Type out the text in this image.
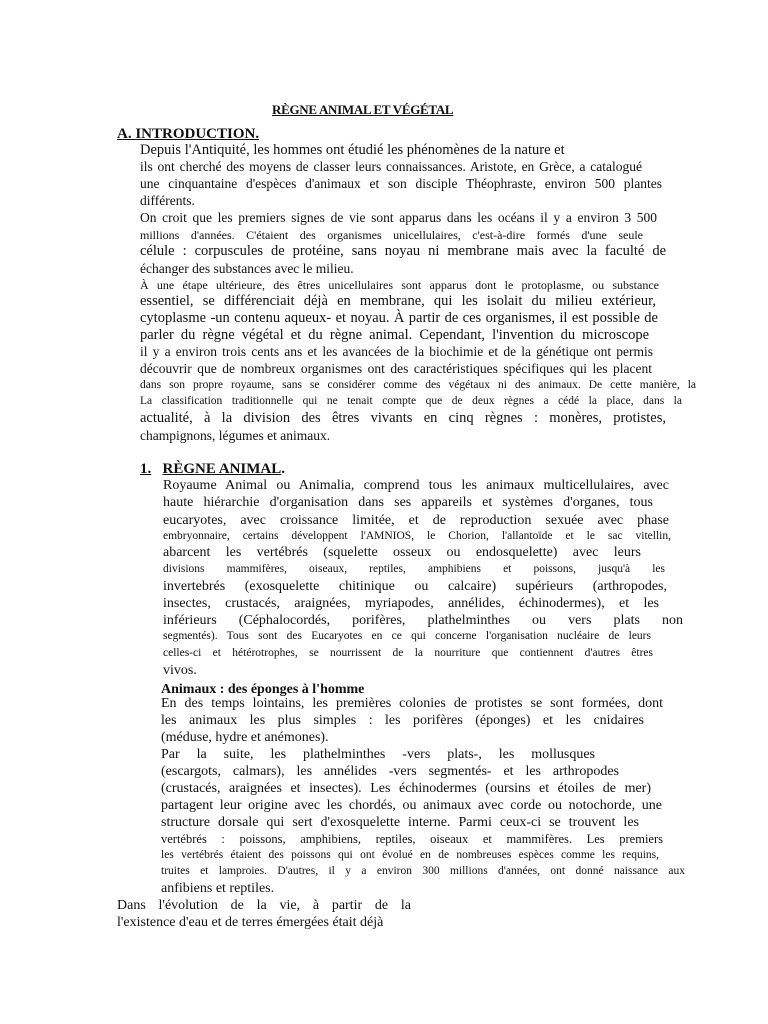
RÈGNE ANIMAL ET VÉGÉTAL
A. INTRODUCTION.
Depuis l'Antiquité, les hommes ont étudié les phénomènes de la nature et
ils ont cherché des moyens de classer leurs connaissances. Aristote, en Grèce, a catalogué
une cinquantaine d'espèces d'animaux et son disciple Théophraste, environ 500 plantes
différents.
On croit que les premiers signes de vie sont apparus dans les océans il y a environ 3 500
millions d'années. C'étaient des organismes unicellulaires, c'est-à-dire formés d'une seule
célule : corpuscules de protéine, sans noyau ni membrane mais avec la faculté de
échanger des substances avec le milieu.
À une étape ultérieure, des êtres unicellulaires sont apparus dont le protoplasme, ou substance
essentiel, se différenciait déjà en membrane, qui les isolait du milieu extérieur,
cytoplasme -un contenu aqueux- et noyau. À partir de ces organismes, il est possible de
parler du règne végétal et du règne animal. Cependant, l'invention du microscope
il y a environ trois cents ans et les avancées de la biochimie et de la génétique ont permis
découvrir que de nombreux organismes ont des caractéristiques spécifiques qui les placent
dans son propre royaume, sans se considérer comme des végétaux ni des animaux. De cette manière, la
La classification traditionnelle qui ne tenait compte que de deux règnes a cédé la place, dans la
actualité, à la division des êtres vivants en cinq règnes : monères, protistes,
champignons, légumes et animaux.
1. RÈGNE ANIMAL.
Royaume Animal ou Animalia, comprend tous les animaux multicellulaires, avec
haute hiérarchie d'organisation dans ses appareils et systèmes d'organes, tous
eucaryotes, avec croissance limitée, et de reproduction sexuée avec phase
embryonnaire, certains développent l'AMNIOS, le Chorion, l'allantoïde et le sac vitellin,
abarcent les vertébrés (squelette osseux ou endosquelette) avec leurs
divisions mammifères, oiseaux, reptiles, amphibiens et poissons, jusqu'à les
invertebrés (exosquelette chitinique ou calcaire) supérieurs (arthropodes,
insectes, crustacés, araignées, myriapodes, annélides, échinodermes), et les
inférieurs (Céphalocordés, porifères, plathelminthes ou vers plats non
segmentés). Tous sont des Eucaryotes en ce qui concerne l'organisation nucléaire de leurs
celles-ci et hétérotrophes, se nourrissent de la nourriture que contiennent d'autres êtres
vivos.
Animaux : des éponges à l'homme
En des temps lointains, les premières colonies de protistes se sont formées, dont
les animaux les plus simples : les porifères (éponges) et les cnidaires
(méduse, hydre et anémones).
Par la suite, les plathelminthes -vers plats-, les mollusques
(escargots, calmars), les annélides -vers segmentés- et les arthropodes
(crustacés, araignées et insectes). Les échinodermes (oursins et étoiles de mer)
partagent leur origine avec les chordés, ou animaux avec corde ou notochorde, une
structure dorsale qui sert d'exosquelette interne. Parmi ceux-ci se trouvent les
vertébrés : poissons, amphibiens, reptiles, oiseaux et mammifères. Les premiers
les vertébrés étaient des poissons qui ont évolué en de nombreuses espèces comme les requins,
truites et lamproies. D'autres, il y a environ 300 millions d'années, ont donné naissance aux
anfibiens et reptiles.
Dans l'évolution de la vie, à partir de la
l'existence d'eau et de terres émergées était déjà
